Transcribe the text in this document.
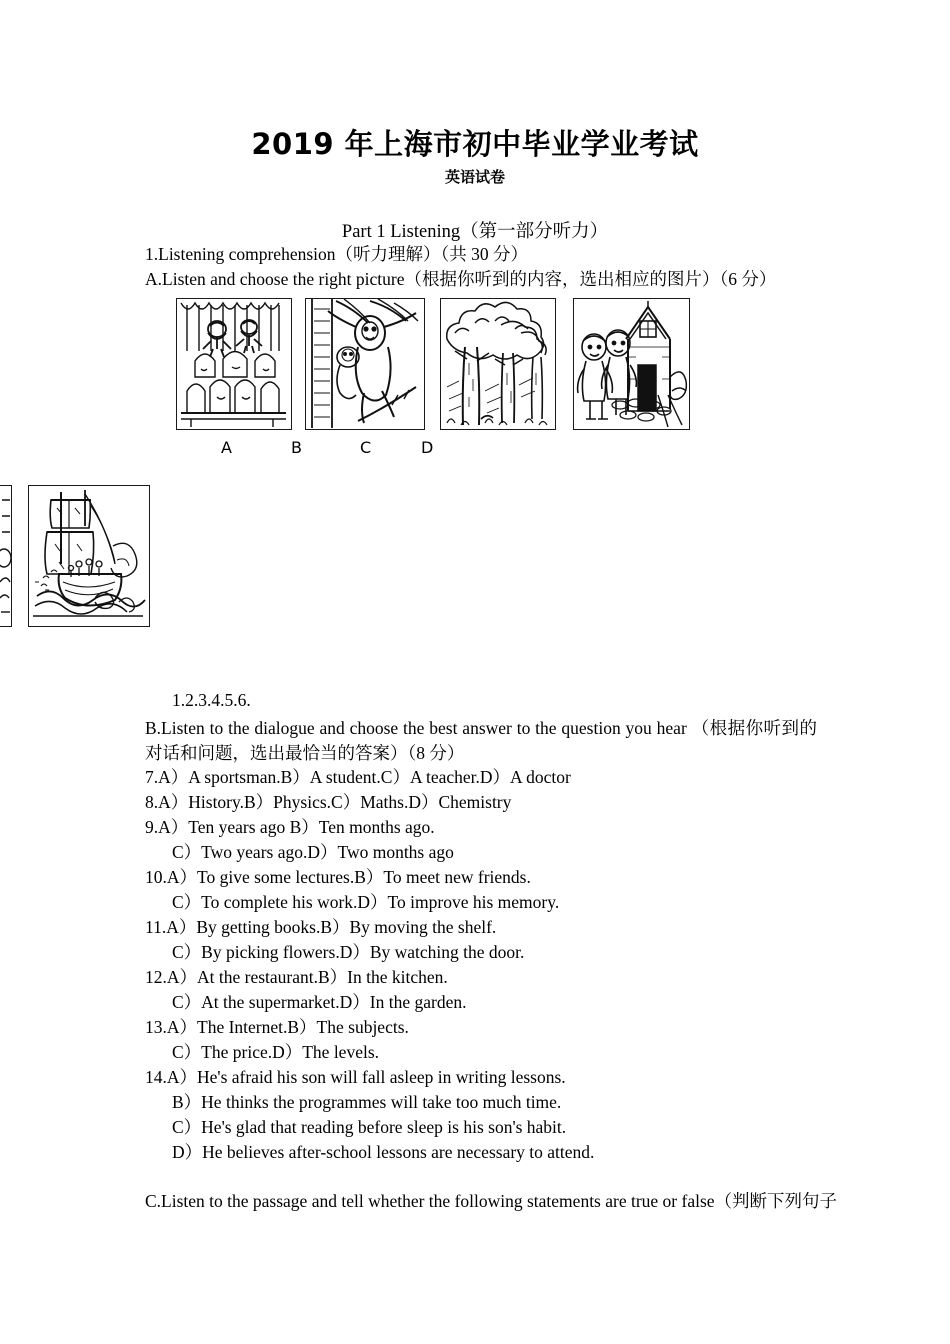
2019 年上海市初中毕业学业考试
英语试卷
Part 1 Listening（第一部分听力）
1.Listening comprehension（听力理解）（共 30 分）
A.Listen and choose the right picture（根据你听到的内容，选出相应的图片）（6 分）
A	B	C	D
1.2.3.4.5.6.
B.Listen to the dialogue and choose the best answer to the question you hear （根据你听到的对话和问题，选出最恰当的答案）（8 分）
7.A）A sportsman.B）A student.C）A teacher.D）A doctor
8.A）History.B）Physics.C）Maths.D）Chemistry
9.A）Ten years ago B）Ten months ago.
C）Two years ago.D）Two months ago
10.A）To give some lectures.B）To meet new friends.
C）To complete his work.D）To improve his memory.
11.A）By getting books.B）By moving the shelf.
C）By picking flowers.D）By watching the door.
12.A）At the restaurant.B）In the kitchen.
C）At the supermarket.D）In the garden.
13.A）The Internet.B）The subjects.
C）The price.D）The levels.
14.A）He's afraid his son will fall asleep in writing lessons.
B）He thinks the programmes will take too much time.
C）He's glad that reading before sleep is his son's habit.
D）He believes after-school lessons are necessary to attend.
C.Listen to the passage and tell whether the following statements are true or false（判断下列句子
